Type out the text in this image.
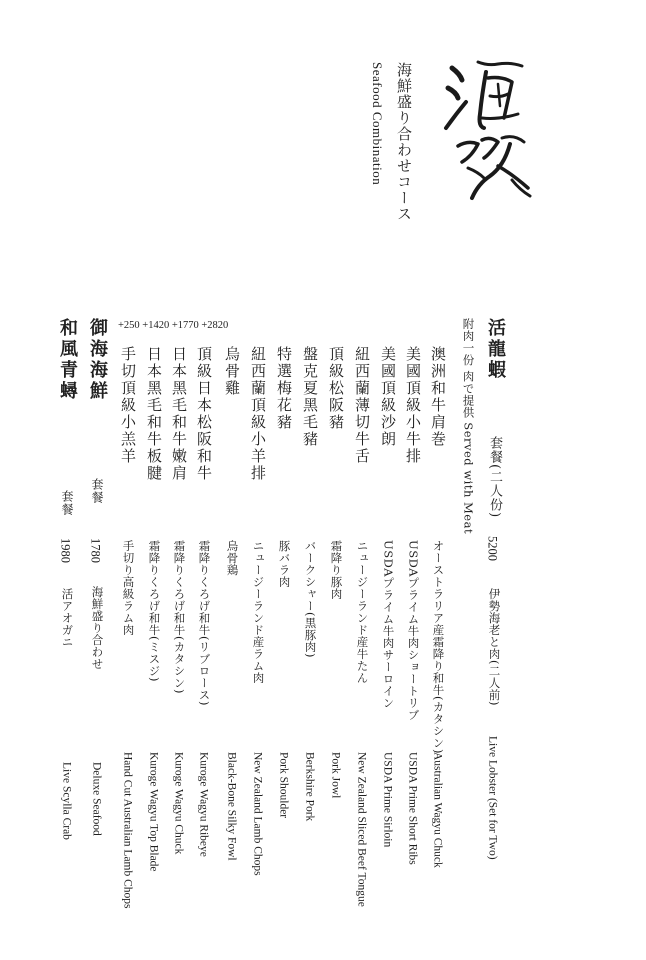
海鮮盛り合わせコース
Seafood Combination
活龍蝦
套餐(二人份)
5200
伊勢海老と肉(二人前)
Live Lobster (Set for Two)
附肉一份 肉で提供 Served with Meat
澳洲和牛肩巻
オーストラリア産霜降り和牛(カタシン)
Australian Wagyu Chuck
美國頂級小牛排
USDAプライム牛肉ショートリブ
USDA Prime Short Ribs
美國頂級沙朗
USDAプライム牛肉サーロイン
USDA Prime Sirloin
紐西蘭薄切牛舌
ニュージーランド産牛たん
New Zealand Sliced Beef Tongue
頂級松阪豬
霜降り豚肉
Pork Jowl
盤克夏黑毛豬
バークシャー(黒豚肉)
Berkshire Pork
特選梅花豬
豚バラ肉
Pork Shoulder
紐西蘭頂級小羊排
ニュージーランド産ラム肉
New Zealand Lamb Chops
烏骨雞
烏骨鶏
Black-Bone Silky Fowl
頂級日本松阪和牛
霜降りくろげ和牛(リブロース)
Kuroge Wagyu Ribeye
日本黑毛和牛嫩肩
霜降りくろげ和牛(カタシン)
Kuroge Wagyu Chuck
日本黑毛和牛板腱
霜降りくろげ和牛(ミスジ)
Kuroge Wagyu Top Blade
手切頂級小羔羊
手切り高級ラム肉
Hand Cut Australian Lamb Chops
+250 +1420 +1770 +2820
御海海鮮
套餐
1780
海鮮盛り合わせ
Deluxe Seafood
和風青蟳
套餐
1980
活アオガニ
Live Scylla Crab
